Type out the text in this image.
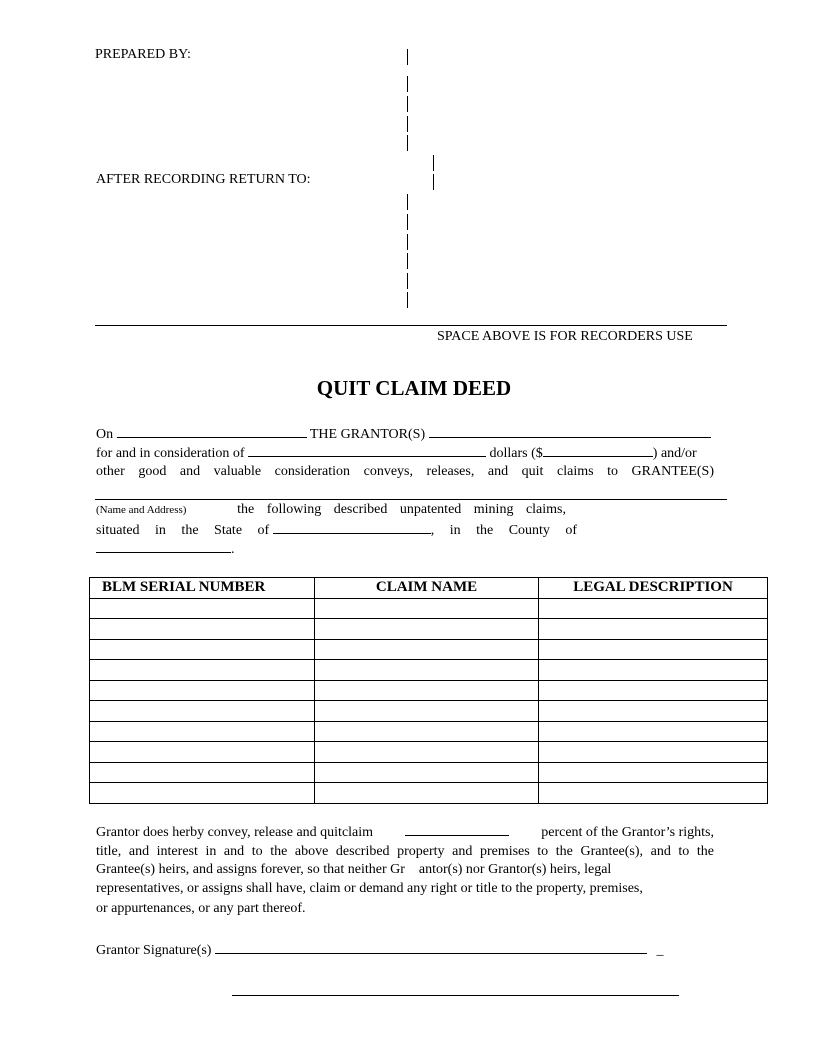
PREPARED BY:
AFTER RECORDING RETURN TO:
SPACE ABOVE IS FOR RECORDERS USE
QUIT CLAIM DEED
On	THE GRANTOR(S)
for and in consideration of	dollars ($	) and/or
other good and valuable consideration conveys, releases, and quit claims to GRANTEE(S)
(Name and Address)	the following described unpatented mining claims,
situated in the State of	, in the County of
.
BLM SERIAL NUMBER	CLAIM NAME	LEGAL DESCRIPTION

Grantor does herby convey, release and quitclaim	percent of the Grantor’s rights,
title, and interest in and to the above described property and premises to the Grantee(s), and to the
Grantee(s) heirs, and assigns forever, so that neither Gr    antor(s) nor Grantor(s) heirs, legal
representatives, or assigns shall have, claim or demand any right or title to the property, premises,
or appurtenances, or any part thereof.
Grantor Signature(s)	_
